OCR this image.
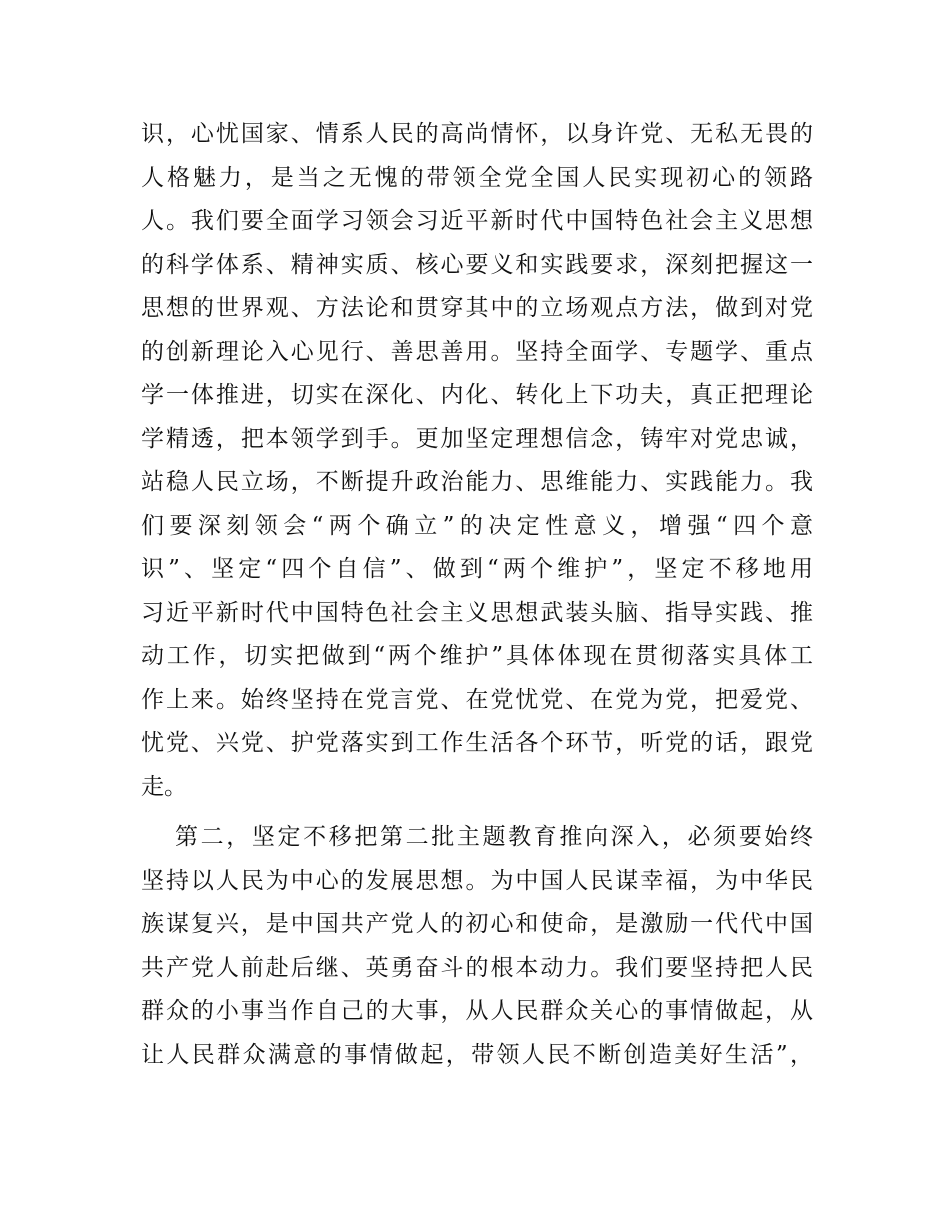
识，心忧国家、情系人民的高尚情怀，以身许党、无私无畏的
人格魅力，是当之无愧的带领全党全国人民实现初心的领路
人。我们要全面学习领会习近平新时代中国特色社会主义思想
的科学体系、精神实质、核心要义和实践要求，深刻把握这一
思想的世界观、方法论和贯穿其中的立场观点方法，做到对党
的创新理论入心见行、善思善用。坚持全面学、专题学、重点
学一体推进，切实在深化、内化、转化上下功夫，真正把理论
学精透，把本领学到手。更加坚定理想信念，铸牢对党忠诚，
站稳人民立场，不断提升政治能力、思维能力、实践能力。我
们要深刻领会“两个确立”的决定性意义，增强“四个意
识”、坚定“四个自信”、做到“两个维护”，坚定不移地用
习近平新时代中国特色社会主义思想武装头脑、指导实践、推
动工作，切实把做到“两个维护”具体体现在贯彻落实具体工
作上来。始终坚持在党言党、在党忧党、在党为党，把爱党、
忧党、兴党、护党落实到工作生活各个环节，听党的话，跟党
走。
第二，坚定不移把第二批主题教育推向深入，必须要始终
坚持以人民为中心的发展思想。为中国人民谋幸福，为中华民
族谋复兴，是中国共产党人的初心和使命，是激励一代代中国
共产党人前赴后继、英勇奋斗的根本动力。我们要坚持把人民
群众的小事当作自己的大事，从人民群众关心的事情做起，从
让人民群众满意的事情做起，带领人民不断创造美好生活”，
